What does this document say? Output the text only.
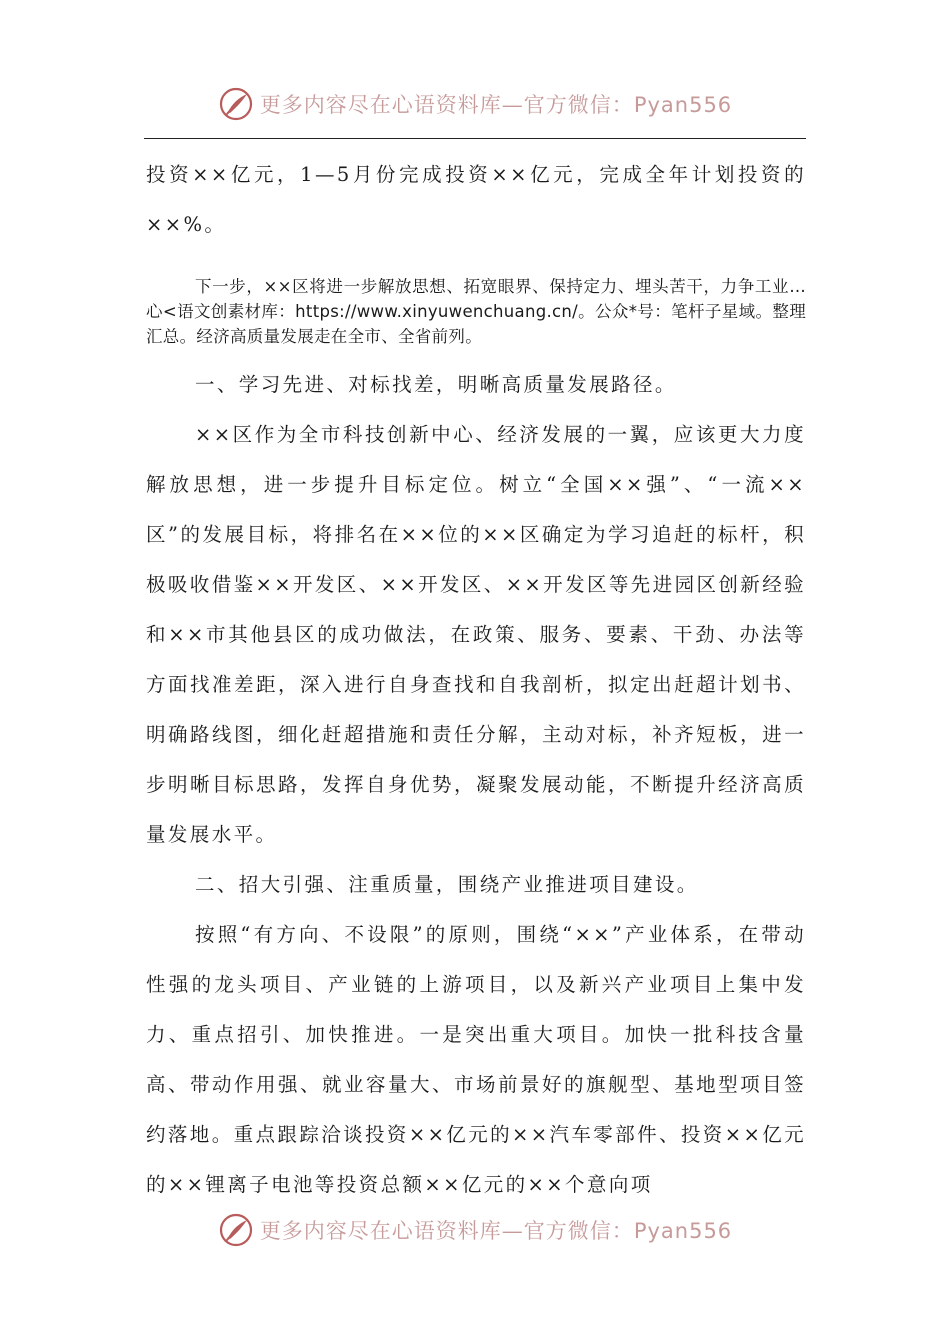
更多内容尽在心语资料库—官方微信：Pyan556

投资××亿元，1—5月份完成投资××亿元，完成全年计划投资的××%。

下一步，××区将进一步解放思想、拓宽眼界、保持定力、埋头苦干，力争工业…心<语文创素材库：https://www.xinyuwenchuang.cn/。公众*号：笔杆子星域。整理汇总。经济高质量发展走在全市、全省前列。

一、学习先进、对标找差，明晰高质量发展路径。

××区作为全市科技创新中心、经济发展的一翼，应该更大力度解放思想，进一步提升目标定位。树立“全国××强”、“一流××区”的发展目标，将排名在××位的××区确定为学习追赶的标杆，积极吸收借鉴××开发区、××开发区、××开发区等先进园区创新经验和××市其他县区的成功做法，在政策、服务、要素、干劲、办法等方面找准差距，深入进行自身查找和自我剖析，拟定出赶超计划书、明确路线图，细化赶超措施和责任分解，主动对标，补齐短板，进一步明晰目标思路，发挥自身优势，凝聚发展动能，不断提升经济高质量发展水平。

二、招大引强、注重质量，围绕产业推进项目建设。

按照“有方向、不设限”的原则，围绕“××”产业体系，在带动性强的龙头项目、产业链的上游项目，以及新兴产业项目上集中发力、重点招引、加快推进。一是突出重大项目。加快一批科技含量高、带动作用强、就业容量大、市场前景好的旗舰型、基地型项目签约落地。重点跟踪洽谈投资××亿元的××汽车零部件、投资××亿元的××锂离子电池等投资总额××亿元的××个意向项

更多内容尽在心语资料库—官方微信：Pyan556
